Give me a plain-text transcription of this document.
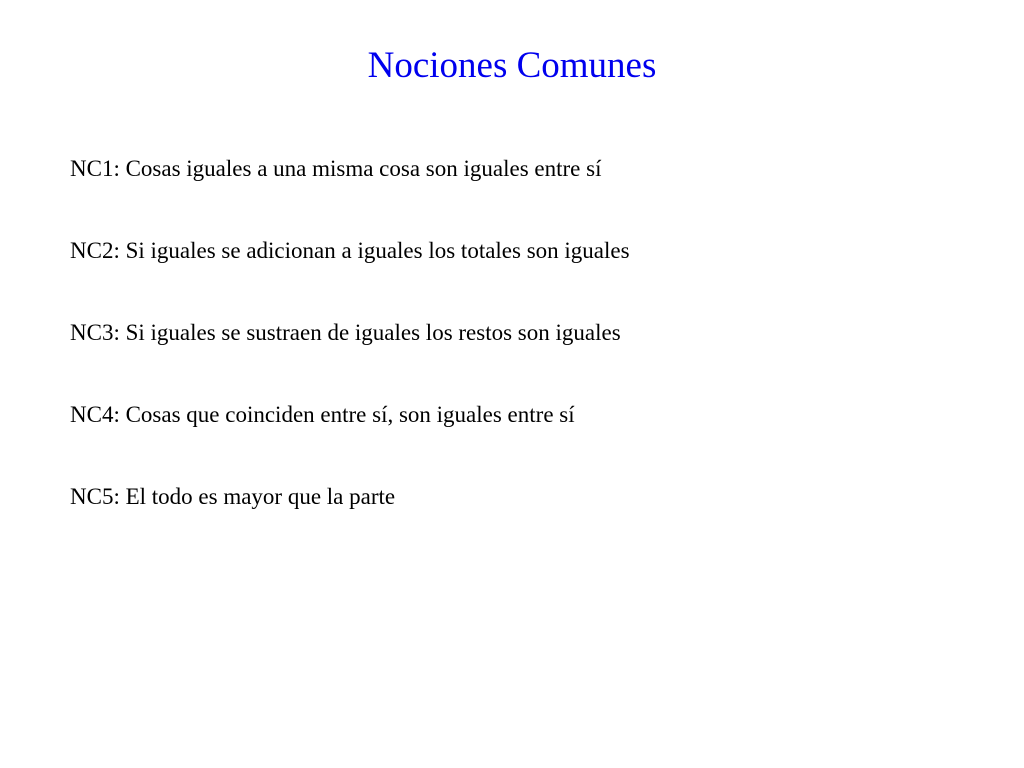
Nociones Comunes
NC1: Cosas iguales a una misma cosa son iguales entre sí
NC2: Si iguales se adicionan a iguales los totales son iguales
NC3: Si iguales se sustraen de iguales los restos son iguales
NC4: Cosas que coinciden entre sí, son iguales entre sí
NC5: El todo es mayor que la parte
